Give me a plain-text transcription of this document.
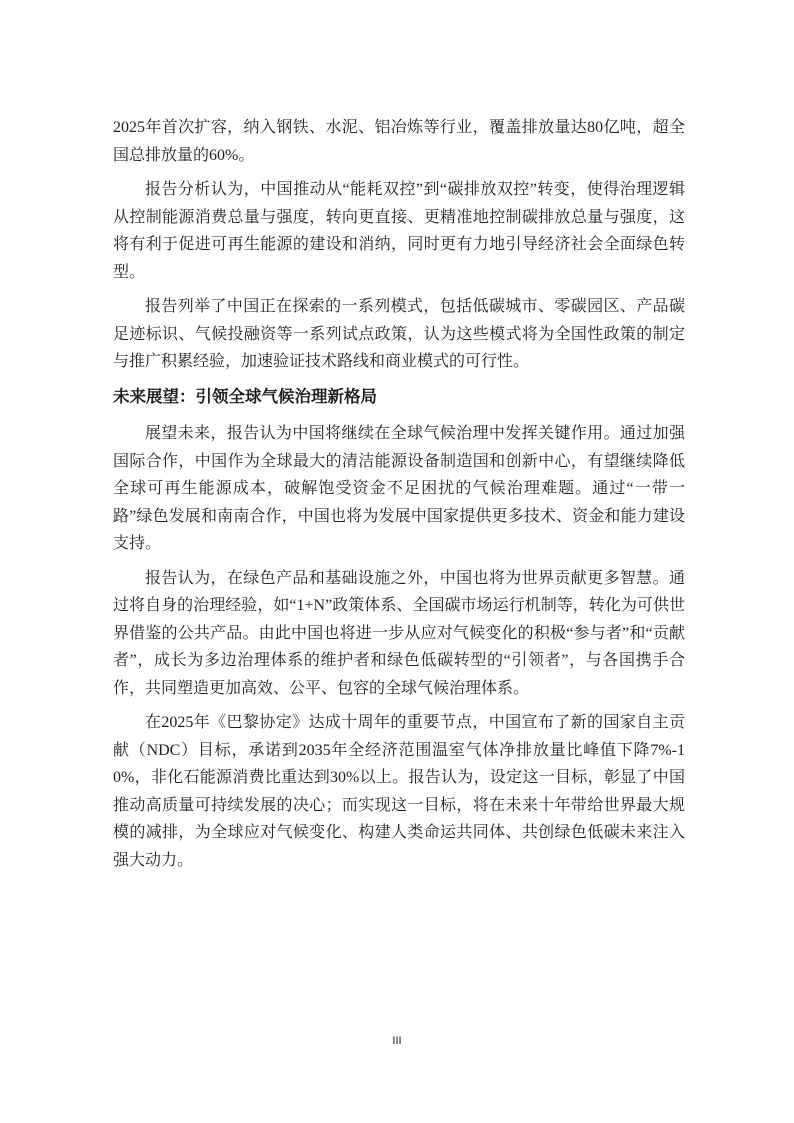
2025年首次扩容，纳入钢铁、水泥、铝冶炼等行业，覆盖排放量达80亿吨，超全国总排放量的60%。

报告分析认为，中国推动从“能耗双控”到“碳排放双控”转变，使得治理逻辑从控制能源消费总量与强度，转向更直接、更精准地控制碳排放总量与强度，这将有利于促进可再生能源的建设和消纳，同时更有力地引导经济社会全面绿色转型。

报告列举了中国正在探索的一系列模式，包括低碳城市、零碳园区、产品碳足迹标识、气候投融资等一系列试点政策，认为这些模式将为全国性政策的制定与推广积累经验，加速验证技术路线和商业模式的可行性。

未来展望：引领全球气候治理新格局

展望未来，报告认为中国将继续在全球气候治理中发挥关键作用。通过加强国际合作，中国作为全球最大的清洁能源设备制造国和创新中心，有望继续降低全球可再生能源成本，破解饱受资金不足困扰的气候治理难题。通过“一带一路”绿色发展和南南合作，中国也将为发展中国家提供更多技术、资金和能力建设支持。

报告认为，在绿色产品和基础设施之外，中国也将为世界贡献更多智慧。通过将自身的治理经验，如“1+N”政策体系、全国碳市场运行机制等，转化为可供世界借鉴的公共产品。由此中国也将进一步从应对气候变化的积极“参与者”和“贡献者”，成长为多边治理体系的维护者和绿色低碳转型的“引领者”，与各国携手合作，共同塑造更加高效、公平、包容的全球气候治理体系。

在2025年《巴黎协定》达成十周年的重要节点，中国宣布了新的国家自主贡献（NDC）目标，承诺到2035年全经济范围温室气体净排放量比峰值下降7%-10%，非化石能源消费比重达到30%以上。报告认为，设定这一目标，彰显了中国推动高质量可持续发展的决心；而实现这一目标，将在未来十年带给世界最大规模的减排，为全球应对气候变化、构建人类命运共同体、共创绿色低碳未来注入强大动力。

III
